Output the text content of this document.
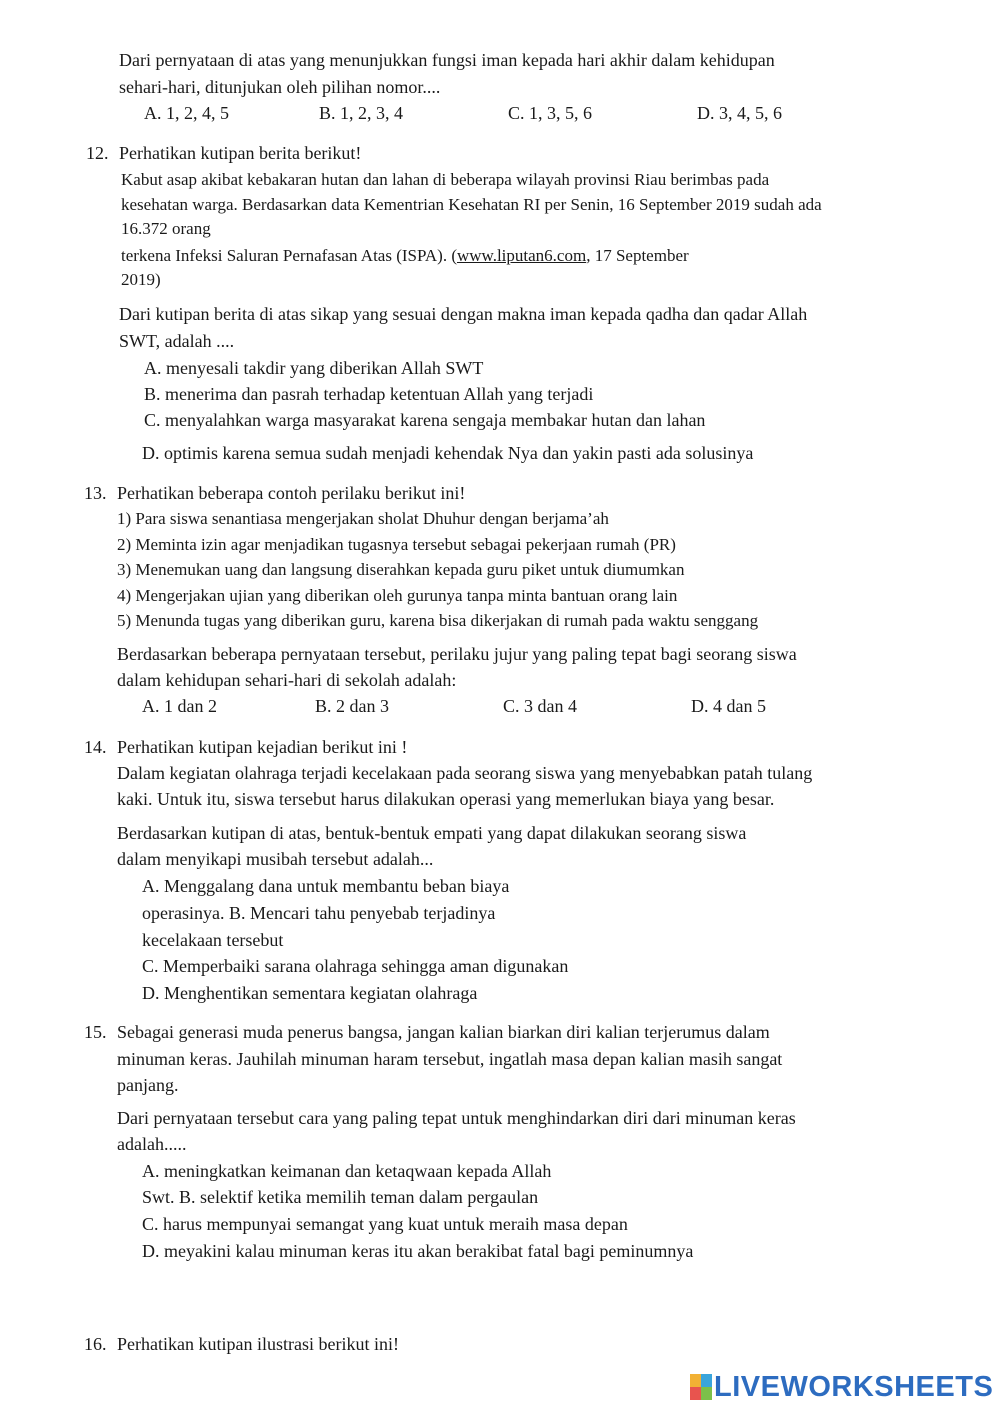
Dari pernyataan di atas yang menunjukkan fungsi iman kepada hari akhir dalam kehidupan
sehari-hari, ditunjukan oleh pilihan nomor....
A. 1, 2, 4, 5	B. 1, 2, 3, 4	C. 1, 3, 5, 6	D. 3, 4, 5, 6
12. Perhatikan kutipan berita berikut!
Kabut asap akibat kebakaran hutan dan lahan di beberapa wilayah provinsi Riau berimbas pada
kesehatan warga. Berdasarkan data Kementrian Kesehatan RI per Senin, 16 September 2019 sudah ada
16.372 orang
terkena Infeksi Saluran Pernafasan Atas (ISPA). (www.liputan6.com, 17 September
2019)
Dari kutipan berita di atas sikap yang sesuai dengan makna iman kepada qadha dan qadar Allah
SWT, adalah ....
A. menyesali takdir yang diberikan Allah SWT
B. menerima dan pasrah terhadap ketentuan Allah yang terjadi
C. menyalahkan warga masyarakat karena sengaja membakar hutan dan lahan
D. optimis karena semua sudah menjadi kehendak Nya dan yakin pasti ada solusinya
13. Perhatikan beberapa contoh perilaku berikut ini!
1) Para siswa senantiasa mengerjakan sholat Dhuhur dengan berjama’ah
2) Meminta izin agar menjadikan tugasnya tersebut sebagai pekerjaan rumah (PR)
3) Menemukan uang dan langsung diserahkan kepada guru piket untuk diumumkan
4) Mengerjakan ujian yang diberikan oleh gurunya tanpa minta bantuan orang lain
5) Menunda tugas yang diberikan guru, karena bisa dikerjakan di rumah pada waktu senggang
Berdasarkan beberapa pernyataan tersebut, perilaku jujur yang paling tepat bagi seorang siswa
dalam kehidupan sehari-hari di sekolah adalah:
A. 1 dan 2	B. 2 dan 3	C. 3 dan 4	D. 4 dan 5
14. Perhatikan kutipan kejadian berikut ini !
Dalam kegiatan olahraga terjadi kecelakaan pada seorang siswa yang menyebabkan patah tulang
kaki. Untuk itu, siswa tersebut harus dilakukan operasi yang memerlukan biaya yang besar.
Berdasarkan kutipan di atas, bentuk-bentuk empati yang dapat dilakukan seorang siswa
dalam menyikapi musibah tersebut adalah...
A. Menggalang dana untuk membantu beban biaya
operasinya. B. Mencari tahu penyebab terjadinya
kecelakaan tersebut
C. Memperbaiki sarana olahraga sehingga aman digunakan
D. Menghentikan sementara kegiatan olahraga
15. Sebagai generasi muda penerus bangsa, jangan kalian biarkan diri kalian terjerumus dalam
minuman keras. Jauhilah minuman haram tersebut, ingatlah masa depan kalian masih sangat
panjang.
Dari pernyataan tersebut cara yang paling tepat untuk menghindarkan diri dari minuman keras
adalah.....
A. meningkatkan keimanan dan ketaqwaan kepada Allah
Swt. B. selektif ketika memilih teman dalam pergaulan
C. harus mempunyai semangat yang kuat untuk meraih masa depan
D. meyakini kalau minuman keras itu akan berakibat fatal bagi peminumnya
16. Perhatikan kutipan ilustrasi berikut ini!
LIVEWORKSHEETS
